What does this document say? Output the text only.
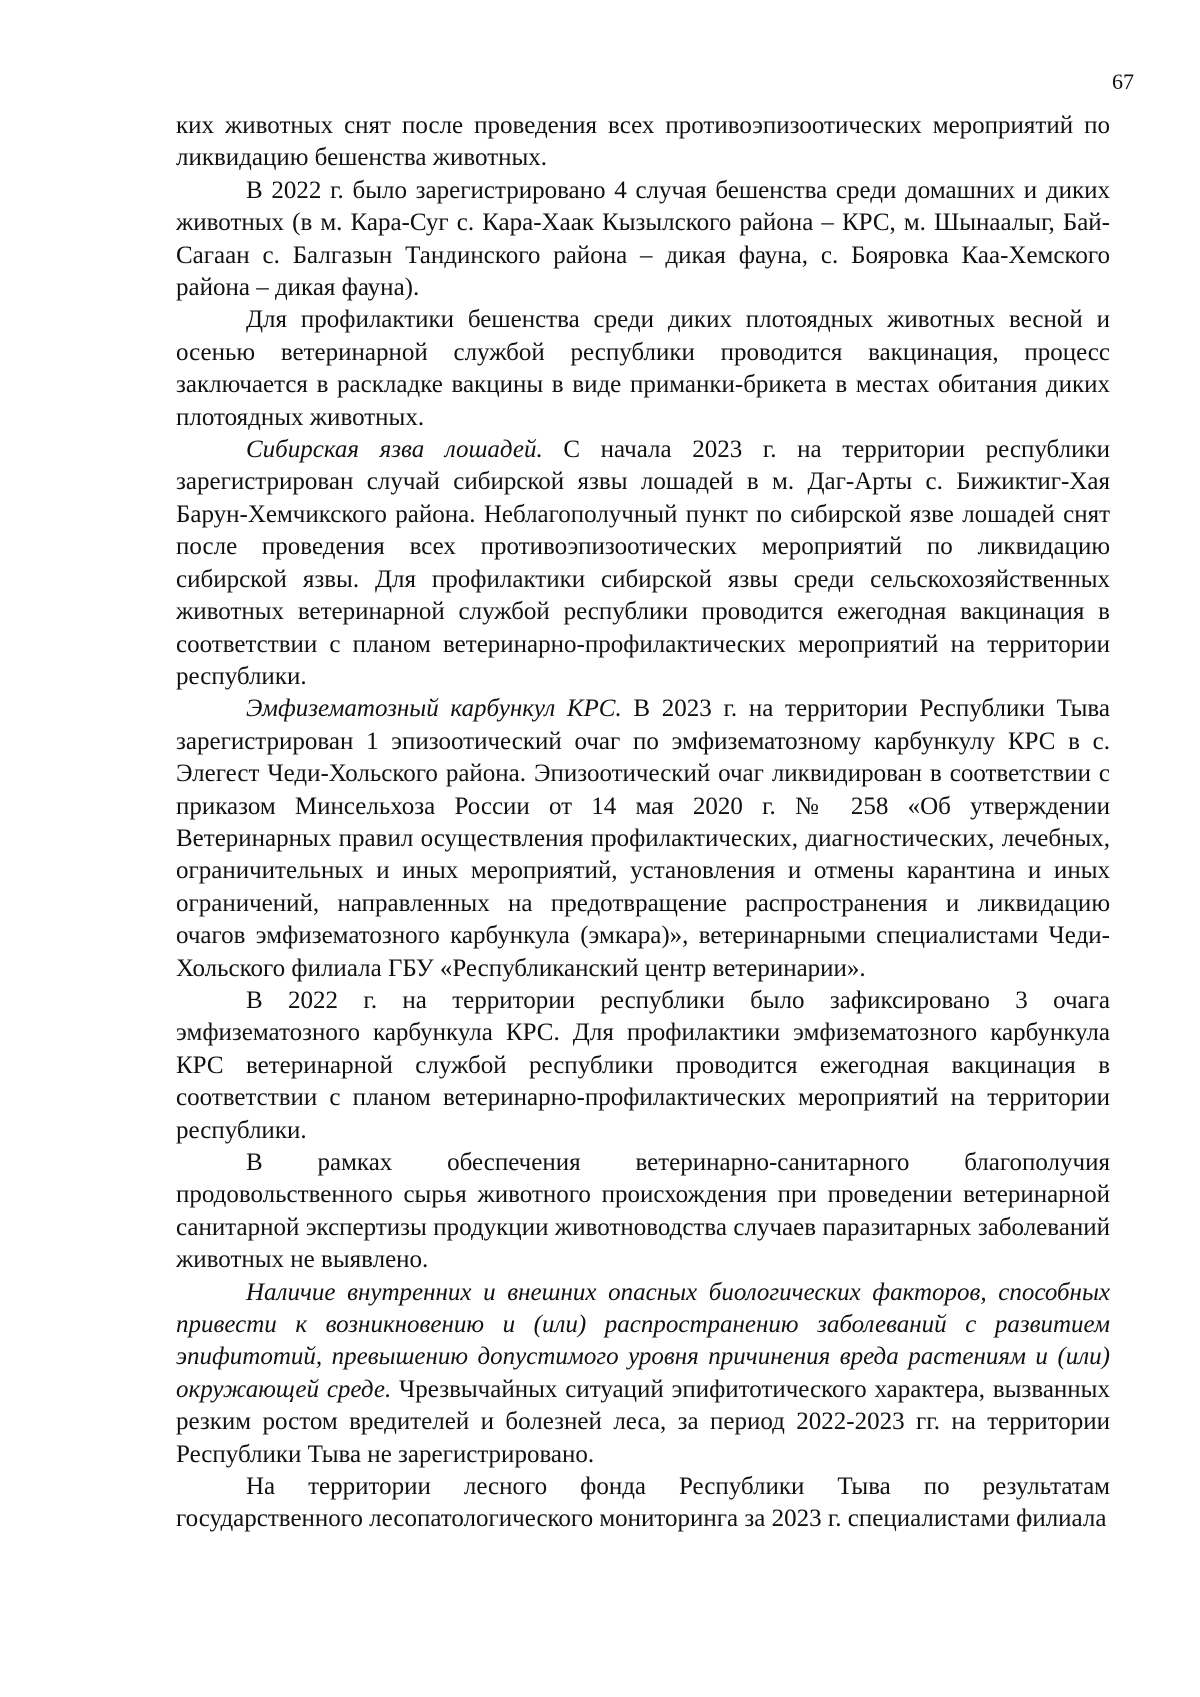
67

ких животных снят после проведения всех противоэпизоотических мероприятий по ликвидацию бешенства животных.

В 2022 г. было зарегистрировано 4 случая бешенства среди домашних и диких животных (в м. Кара-Суг с. Кара-Хаак Кызылского района – КРС, м. Шынаалыг, Бай-Сагаан с. Балгазын Тандинского района – дикая фауна, с. Бояровка Каа-Хемского района – дикая фауна).

Для профилактики бешенства среди диких плотоядных животных весной и осенью ветеринарной службой республики проводится вакцинация, процесс заключается в раскладке вакцины в виде приманки-брикета в местах обитания диких плотоядных животных.

Сибирская язва лошадей. С начала 2023 г. на территории республики зарегистрирован случай сибирской язвы лошадей в м. Даг-Арты с. Бижиктиг-Хая Барун-Хемчикского района. Неблагополучный пункт по сибирской язве лошадей снят после проведения всех противоэпизоотических мероприятий по ликвидацию сибирской язвы. Для профилактики сибирской язвы среди сельскохозяйственных животных ветеринарной службой республики проводится ежегодная вакцинация в соответствии с планом ветеринарно-профилактических мероприятий на территории республики.

Эмфизематозный карбункул КРС. В 2023 г. на территории Республики Тыва зарегистрирован 1 эпизоотический очаг по эмфизематозному карбункулу КРС в с. Элегест Чеди-Хольского района. Эпизоотический очаг ликвидирован в соответствии с приказом Минсельхоза России от 14 мая 2020 г. № 258 «Об утверждении Ветеринарных правил осуществления профилактических, диагностических, лечебных, ограничительных и иных мероприятий, установления и отмены карантина и иных ограничений, направленных на предотвращение распространения и ликвидацию очагов эмфизематозного карбункула (эмкара)», ветеринарными специалистами Чеди-Хольского филиала ГБУ «Республиканский центр ветеринарии».

В 2022 г. на территории республики было зафиксировано 3 очага эмфизематозного карбункула КРС. Для профилактики эмфизематозного карбункула КРС ветеринарной службой республики проводится ежегодная вакцинация в соответствии с планом ветеринарно-профилактических мероприятий на территории республики.

В рамках обеспечения ветеринарно-санитарного благополучия продовольственного сырья животного происхождения при проведении ветеринарной санитарной экспертизы продукции животноводства случаев паразитарных заболеваний животных не выявлено.

Наличие внутренних и внешних опасных биологических факторов, способных привести к возникновению и (или) распространению заболеваний с развитием эпифитотий, превышению допустимого уровня причинения вреда растениям и (или) окружающей среде. Чрезвычайных ситуаций эпифитотического характера, вызванных резким ростом вредителей и болезней леса, за период 2022-2023 гг. на территории Республики Тыва не зарегистрировано.

На территории лесного фонда Республики Тыва по результатам государственного лесопатологического мониторинга за 2023 г. специалистами филиала
